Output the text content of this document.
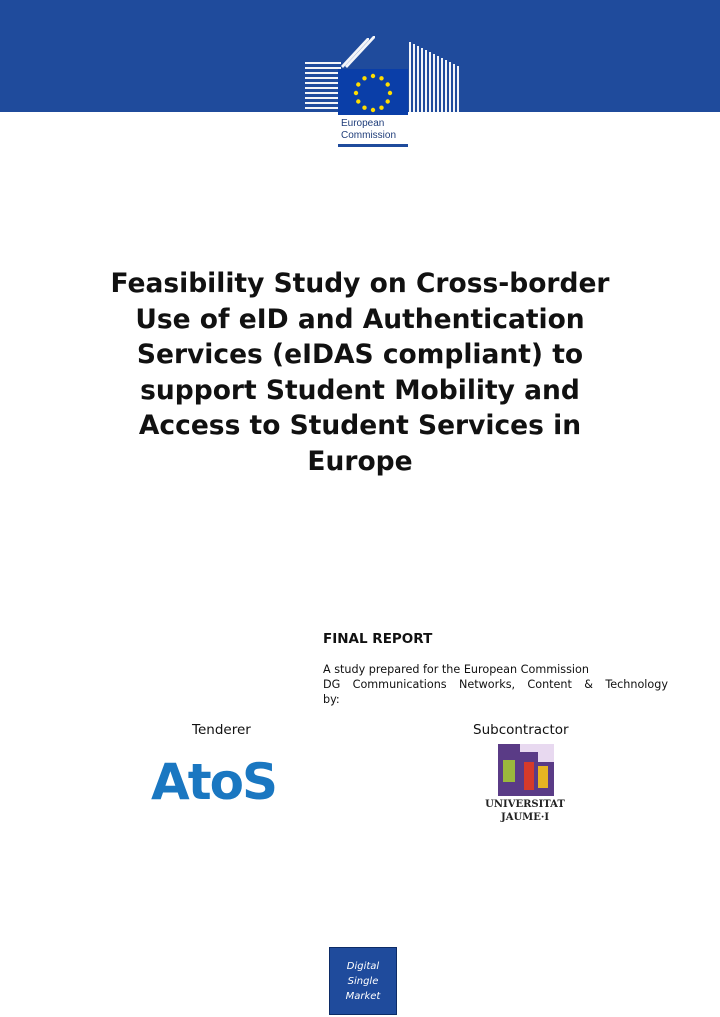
European
Commission
Feasibility Study on Cross-border
Use of eID and Authentication
Services (eIDAS compliant) to
support Student Mobility and
Access to Student Services in
Europe
FINAL REPORT
A study prepared for the European Commission
DG Communications Networks, Content & Technology
by:
Tenderer	Subcontractor
AtoS	UNIVERSITAT
JAUME·I
Digital
Single
Market
